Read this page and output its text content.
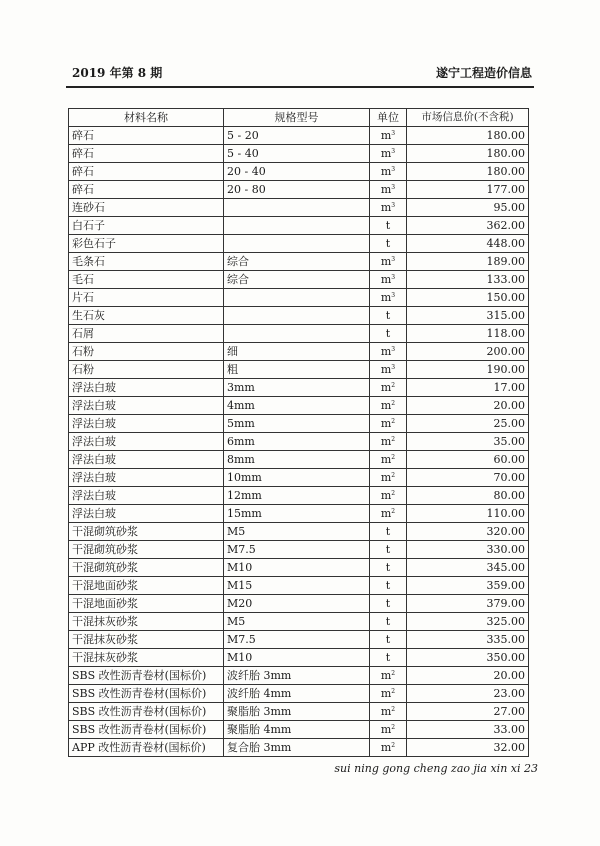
2019 年第 8 期	遂宁工程造价信息
材料名称	规格型号	单位	市场信息价(不含税)
碎石	5 - 20	$m^3$	180.00
碎石	5 - 40	$m^3$	180.00
碎石	20 - 40	$m^3$	180.00
碎石	20 - 80	$m^3$	177.00
连砂石		$m^3$	95.00
白石子		t	362.00
彩色石子		t	448.00
毛条石	综合	$m^3$	189.00
毛石	综合	$m^3$	133.00
片石		$m^3$	150.00
生石灰		t	315.00
石屑		t	118.00
石粉	细	$m^3$	200.00
石粉	粗	$m^3$	190.00
浮法白玻	3mm	$m^2$	17.00
浮法白玻	4mm	$m^2$	20.00
浮法白玻	5mm	$m^2$	25.00
浮法白玻	6mm	$m^2$	35.00
浮法白玻	8mm	$m^2$	60.00
浮法白玻	10mm	$m^2$	70.00
浮法白玻	12mm	$m^2$	80.00
浮法白玻	15mm	$m^2$	110.00
干混砌筑砂浆	M5	t	320.00
干混砌筑砂浆	M7.5	t	330.00
干混砌筑砂浆	M10	t	345.00
干混地面砂浆	M15	t	359.00
干混地面砂浆	M20	t	379.00
干混抹灰砂浆	M5	t	325.00
干混抹灰砂浆	M7.5	t	335.00
干混抹灰砂浆	M10	t	350.00
SBS 改性沥青卷材(国标价)	波纤胎 3mm	$m^2$	20.00
SBS 改性沥青卷材(国标价)	波纤胎 4mm	$m^2$	23.00
SBS 改性沥青卷材(国标价)	聚脂胎 3mm	$m^2$	27.00
SBS 改性沥青卷材(国标价)	聚脂胎 4mm	$m^2$	33.00
APP 改性沥青卷材(国标价)	复合胎 3mm	$m^2$	32.00
sui ning gong cheng zao jia xin xi 23
